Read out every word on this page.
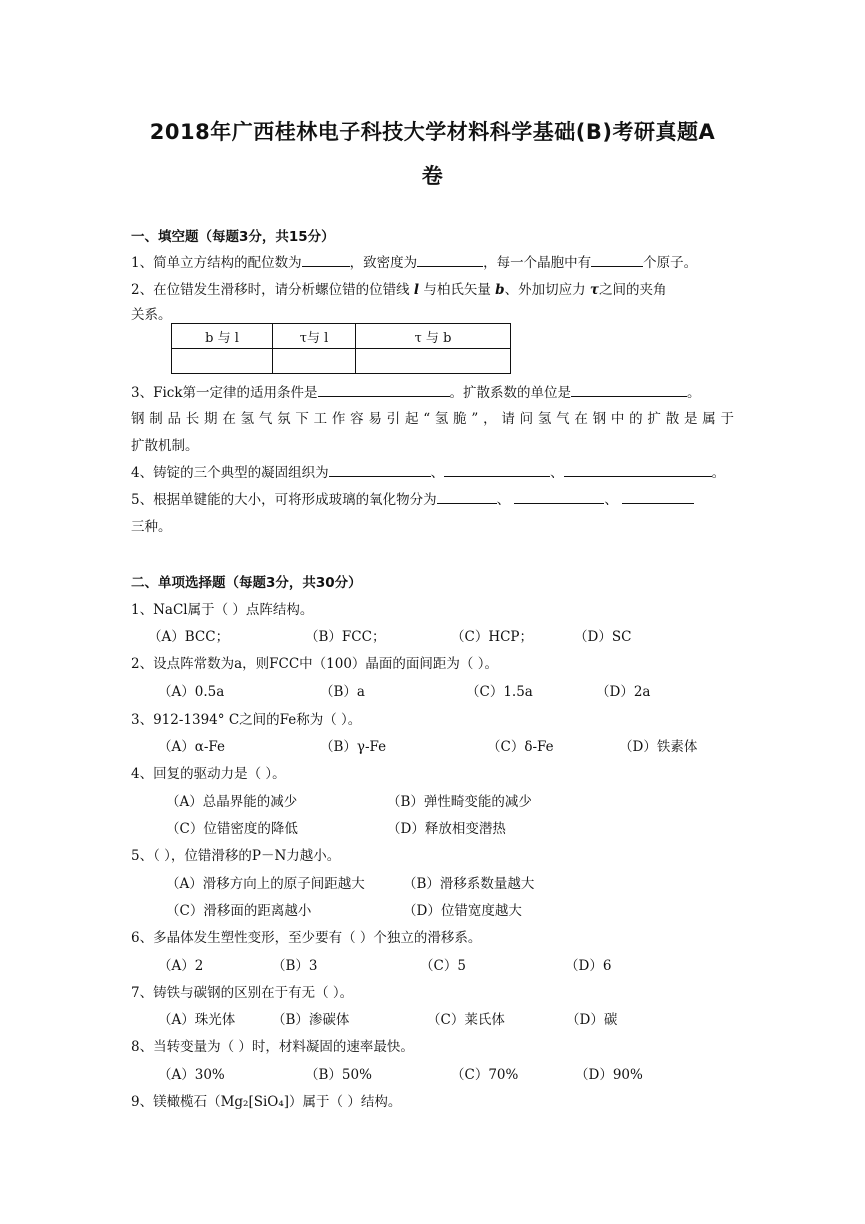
2018年广西桂林电子科技大学材料科学基础(B)考研真题A
卷
一、填空题（每题3分，共15分）
1、简单立方结构的配位数为	，致密度为	，每一个晶胞中有	个原子。
2、在位错发生滑移时，请分析螺位错的位错线 l 与柏氏矢量 b、外加切应力 τ之间的夹角
关系。
b 与 l	τ与 l	τ 与 b

3、Fick第一定律的适用条件是	。扩散系数的单位是	。
钢制品长期在氢气氛下工作容易引起“氢脆”，请问氢气在钢中的扩散是属于
扩散机制。
4、铸锭的三个典型的凝固组织为	、	、	。
5、根据单键能的大小，可将形成玻璃的氧化物分为	、	、
三种。
二、单项选择题（每题3分，共30分）
1、NaCl属于（ ）点阵结构。
（A）BCC；	（B）FCC；	（C）HCP；	（D）SC
2、设点阵常数为a，则FCC中（100）晶面的面间距为（ ）。
（A）0.5a	（B）a	（C）1.5a	（D）2a
3、912-1394° C之间的Fe称为（ ）。
（A）α-Fe	（B）γ-Fe	（C）δ-Fe	（D）铁素体
4、回复的驱动力是（ ）。
（A）总晶界能的减少	（B）弹性畸变能的减少
（C）位错密度的降低	（D）释放相变潜热
5、（ ），位错滑移的P－N力越小。
（A）滑移方向上的原子间距越大	（B）滑移系数量越大
（C）滑移面的距离越小	（D）位错宽度越大
6、多晶体发生塑性变形，至少要有（ ）个独立的滑移系。
（A）2	（B）3	（C）5	（D）6
7、铸铁与碳钢的区别在于有无（ ）。
（A）珠光体	（B）渗碳体	（C）莱氏体	（D）碳
8、当转变量为（ ）时，材料凝固的速率最快。
（A）30%	（B）50%	（C）70%	（D）90%
9、镁橄榄石（Mg₂[SiO₄]）属于（ ）结构。
